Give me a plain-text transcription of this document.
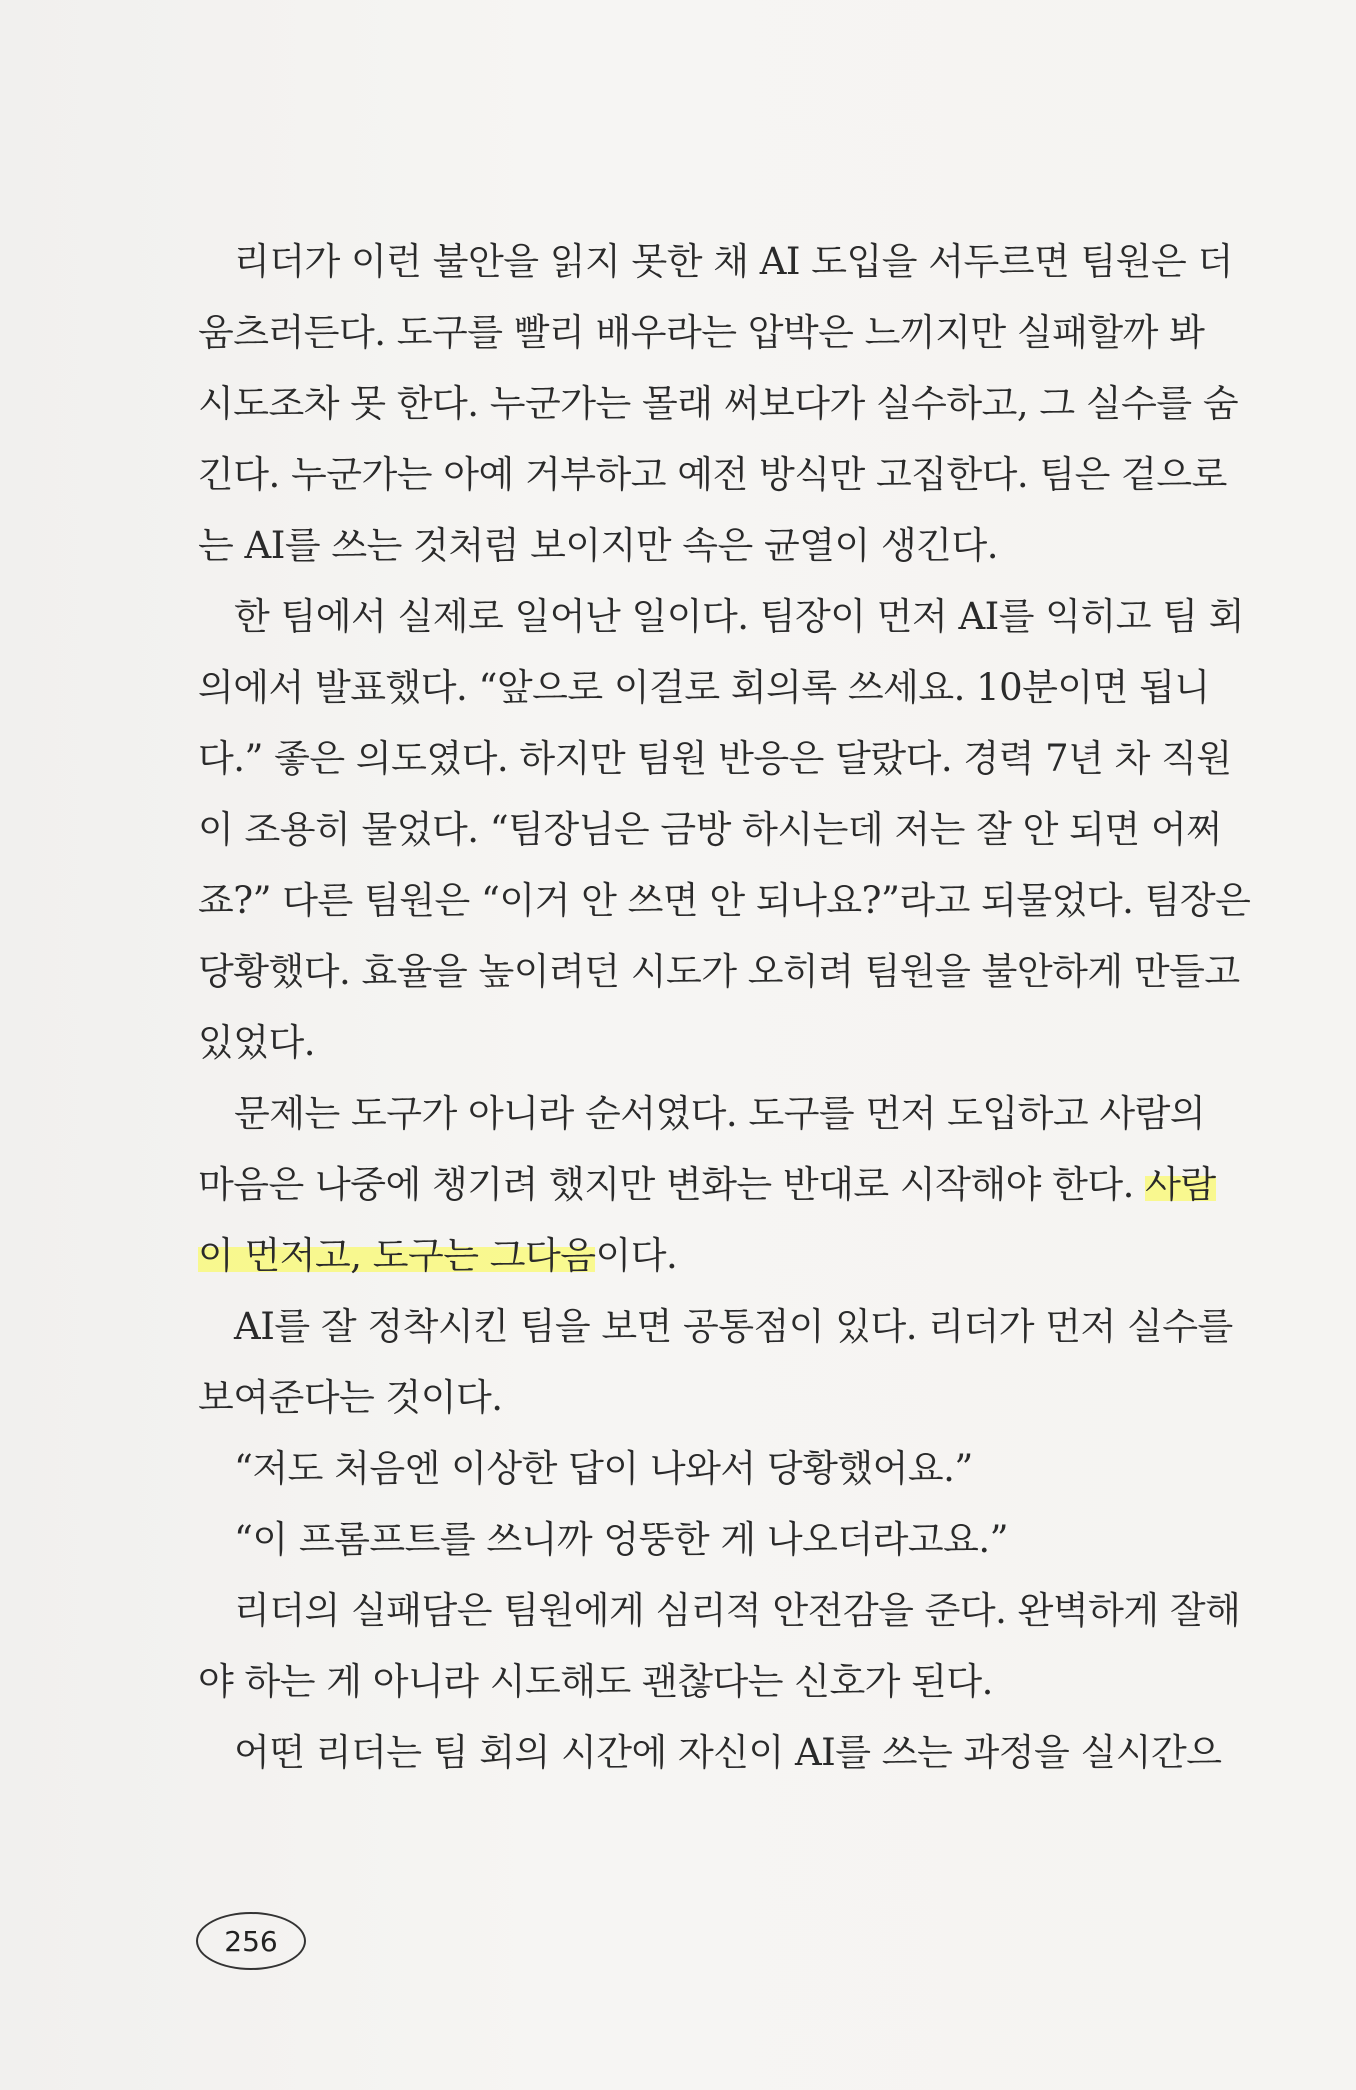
리더가 이런 불안을 읽지 못한 채 AI 도입을 서두르면 팀원은 더
움츠러든다. 도구를 빨리 배우라는 압박은 느끼지만 실패할까 봐
시도조차 못 한다. 누군가는 몰래 써보다가 실수하고, 그 실수를 숨
긴다. 누군가는 아예 거부하고 예전 방식만 고집한다. 팀은 겉으로
는 AI를 쓰는 것처럼 보이지만 속은 균열이 생긴다.
한 팀에서 실제로 일어난 일이다. 팀장이 먼저 AI를 익히고 팀 회
의에서 발표했다. “앞으로 이걸로 회의록 쓰세요. 10분이면 됩니
다.” 좋은 의도였다. 하지만 팀원 반응은 달랐다. 경력 7년 차 직원
이 조용히 물었다. “팀장님은 금방 하시는데 저는 잘 안 되면 어쩌
죠?” 다른 팀원은 “이거 안 쓰면 안 되나요?”라고 되물었다. 팀장은
당황했다. 효율을 높이려던 시도가 오히려 팀원을 불안하게 만들고
있었다.
문제는 도구가 아니라 순서였다. 도구를 먼저 도입하고 사람의
마음은 나중에 챙기려 했지만 변화는 반대로 시작해야 한다. 사람
이 먼저고, 도구는 그다음이다.
AI를 잘 정착시킨 팀을 보면 공통점이 있다. 리더가 먼저 실수를
보여준다는 것이다.
“저도 처음엔 이상한 답이 나와서 당황했어요.”
“이 프롬프트를 쓰니까 엉뚱한 게 나오더라고요.”
리더의 실패담은 팀원에게 심리적 안전감을 준다. 완벽하게 잘해
야 하는 게 아니라 시도해도 괜찮다는 신호가 된다.
어떤 리더는 팀 회의 시간에 자신이 AI를 쓰는 과정을 실시간으
256
